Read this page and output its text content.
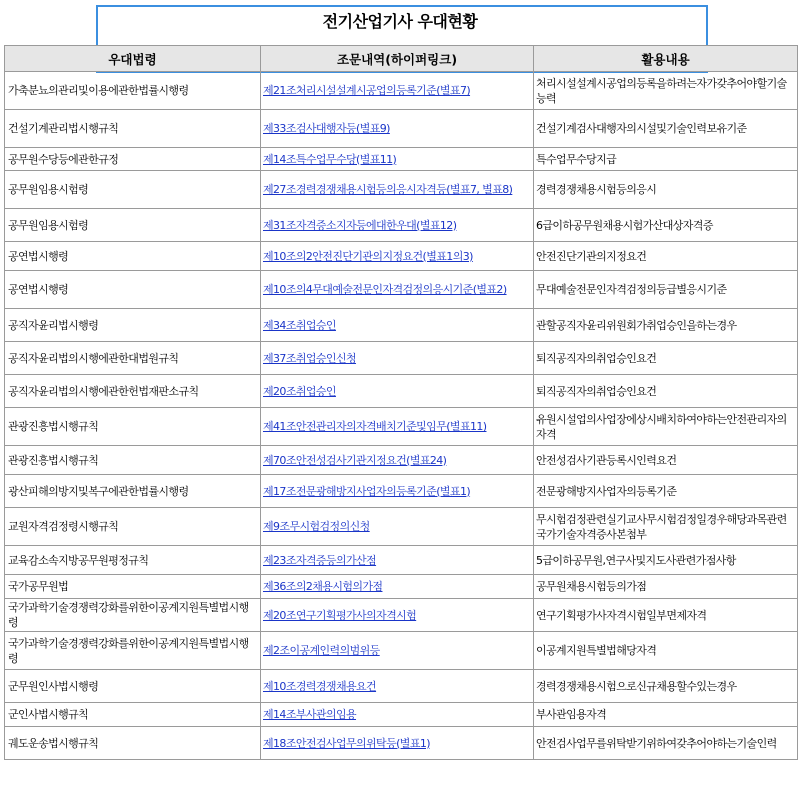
전기산업기사 우대현황
우대법령	조문내역(하이퍼링크)	활용내용
가축분뇨의관리및이용에관한법률시행령	제21조처리시설설계시공업의등록기준(별표7)	처리시설설계시공업의등록을하려는자가갖추어야할기술능력
건설기계관리법시행규칙	제33조검사대행자등(별표9)	건설기계검사대행자의시설및기술인력보유기준
공무원수당등에관한규정	제14조특수업무수당(별표11)	특수업무수당지급
공무원임용시험령	제27조경력경쟁채용시험등의응시자격등(별표7, 별표8)	경력경쟁채용시험등의응시
공무원임용시험령	제31조자격증소지자등에대한우대(별표12)	6급이하공무원채용시험가산대상자격증
공연법시행령	제10조의2안전진단기관의지정요건(별표1의3)	안전진단기관의지정요건
공연법시행령	제10조의4무대예술전문인자격검정의응시기준(별표2)	무대예술전문인자격검정의등급별응시기준
공직자윤리법시행령	제34조취업승인	관할공직자윤리위원회가취업승인을하는경우
공직자윤리법의시행에관한대법원규칙	제37조취업승인신청	퇴직공직자의취업승인요건
공직자윤리법의시행에관한헌법재판소규칙	제20조취업승인	퇴직공직자의취업승인요건
관광진흥법시행규칙	제41조안전관리자의자격배치기준및임무(별표11)	유원시설업의사업장에상시배치하여야하는안전관리자의자격
관광진흥법시행규칙	제70조안전성검사기관지정요건(별표24)	안전성검사기관등록시인력요건
광산피해의방지및복구에관한법률시행령	제17조전문광해방지사업자의등록기준(별표1)	전문광해방지사업자의등록기준
교원자격검정령시행규칙	제9조무시험검정의신청	무시험검정관련실기교사무시험검정일경우해당과목관련국가기술자격증사본첨부
교육감소속지방공무원평정규칙	제23조자격증등의가산점	5급이하공무원,연구사및지도사관련가점사항
국가공무원법	제36조의2채용시험의가점	공무원채용시험등의가점
국가과학기술경쟁력강화를위한이공계지원특별법시행령	제20조연구기획평가사의자격시험	연구기획평가사자격시험일부면제자격
국가과학기술경쟁력강화를위한이공계지원특별법시행령	제2조이공계인력의범위등	이공계지원특별법해당자격
군무원인사법시행령	제10조경력경쟁채용요건	경력경쟁채용시험으로신규채용할수있는경우
군인사법시행규칙	제14조부사관의임용	부사관임용자격
궤도운송법시행규칙	제18조안전검사업무의위탁등(별표1)	안전검사업무를위탁받기위하여갖추어야하는기술인력
